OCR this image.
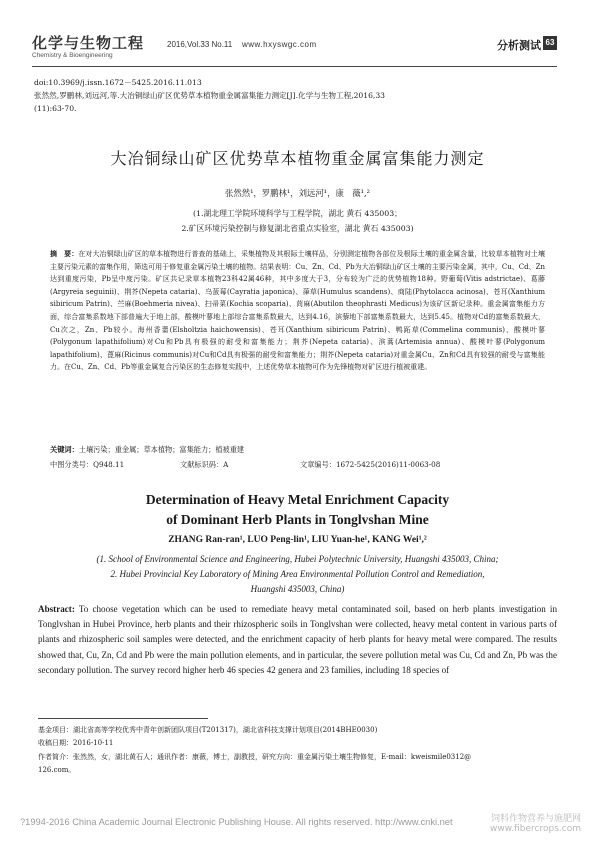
化学与生物工程
Chemistry & Bioengineering
2016,Vol.33 No.11 www.hxyswgc.com	分析测试 63
doi:10.3969/j.issn.1672－5425.2016.11.013
张然然,罗鹏林,刘远河,等.大冶铜绿山矿区优势草本植物重金属富集能力测定[J].化学与生物工程,2016,33
(11):63-70.
大冶铜绿山矿区优势草本植物重金属富集能力测定
张然然¹，罗鹏林¹，刘远河¹，康　薇¹,²
(1.湖北理工学院环境科学与工程学院，湖北 黄石 435003；
2.矿区环境污染控制与修复湖北省重点实验室，湖北 黄石 435003)
摘　要：在对大冶铜绿山矿区的草本植物进行普查的基础上，采集植物及其根际土壤样品，分别测定植物各部位及根际土壤的重金属含量，比较草本植物对土壤主要污染元素的富集作用，筛选可用于修复重金属污染土壤的植物。结果表明：Cu、Zn、Cd、Pb为大冶铜绿山矿区土壤的主要污染金属，其中，Cu、Cd、Zn达到重度污染，Pb呈中度污染。矿区共记录草本植物23科42属46种，其中多度大于3，分布较为广泛的优势植物18种。野葡萄(Vitis adstrictae)、葛藤(Argyreia seguinii)、荆芥(Nepeta cataria)、乌蔹莓(Cayratia japonica)、葎草(Humulus scandens)、商陆(Phytolacca acinosa)、苍耳(Xanthium sibiricum Patrin)、苎麻(Boehmeria nivea)、扫帚菜(Kochia scoparia)、苘麻(Abutilon theophrasti Medicus)为该矿区新记录种。重金属富集能力方面，综合富集系数地下部普遍大于地上部，酸模叶蓼地上部综合富集系数最大，达到4.16，滨藜地下部富集系数最大，达到5.45。植物对Cd的富集系数最大，Cu次之，Zn、Pb较小。海州香薷(Elsholtzia haichowensis)、苍耳(Xanthium sibiricum Patrin)、鸭跖草(Commelina communis)、酸模叶蓼(Polygonum lapathifolium)对Cu和Pb具有极强的耐受和富集能力；荆芥(Nepeta cataria)、滨蒿(Artemisia annua)、酸模叶蓼(Polygonum lapathifolium)、蓖麻(Ricinus communis)对Cu和Cd具有极强的耐受和富集能力；荆芥(Nepeta cataria)对重金属Cu、Zn和Cd具有较强的耐受与富集能力。在Cu、Zn、Cd、Pb等重金属复合污染区的生态修复实践中，上述优势草本植物可作为先锋植物对矿区进行植被重建。
关键词：土壤污染；重金属；草本植物；富集能力；植被重建
中图分类号：Q948.11	文献标识码：A	文章编号：1672-5425(2016)11-0063-08
Determination of Heavy Metal Enrichment Capacity
of Dominant Herb Plants in Tonglvshan Mine
ZHANG Ran-ran¹, LUO Peng-lin¹, LIU Yuan-he¹, KANG Wei¹,²
(1. School of Environmental Science and Engineering, Hubei Polytechnic University, Huangshi 435003, China;
2. Hubei Provincial Key Laboratory of Mining Area Environmental Pollution Control and Remediation,
Huangshi 435003, China)
Abstract: To choose vegetation which can be used to remediate heavy metal contaminated soil, based on herb plants investigation in Tonglvshan in Hubei Province, herb plants and their rhizospheric soils in Tonglvshan were collected, heavy metal content in various parts of plants and rhizospheric soil samples were detected, and the enrichment capacity of herb plants for heavy metal were compared. The results showed that, Cu, Zn, Cd and Pb were the main pollution elements, and in particular, the severe pollution metal was Cu, Cd and Zn, Pb was the secondary pollution. The survey record higher herb 46 species 42 genera and 23 families, including 18 species of
基金项目：湖北省高等学校优秀中青年创新团队项目(T201317)，湖北省科技支撑计划项目(2014BHE0030)
收稿日期：2016-10-11
作者简介：张然然，女，湖北黄石人；通讯作者：康薇，博士，副教授，研究方向：重金属污染土壤生物修复，E-mail：kweismile0312@
126.com。
?1994-2016 China Academic Journal Electronic Publishing House. All rights reserved. http://www.cnki.net	饲料作物营养与施肥网
www.fibercrops.com
